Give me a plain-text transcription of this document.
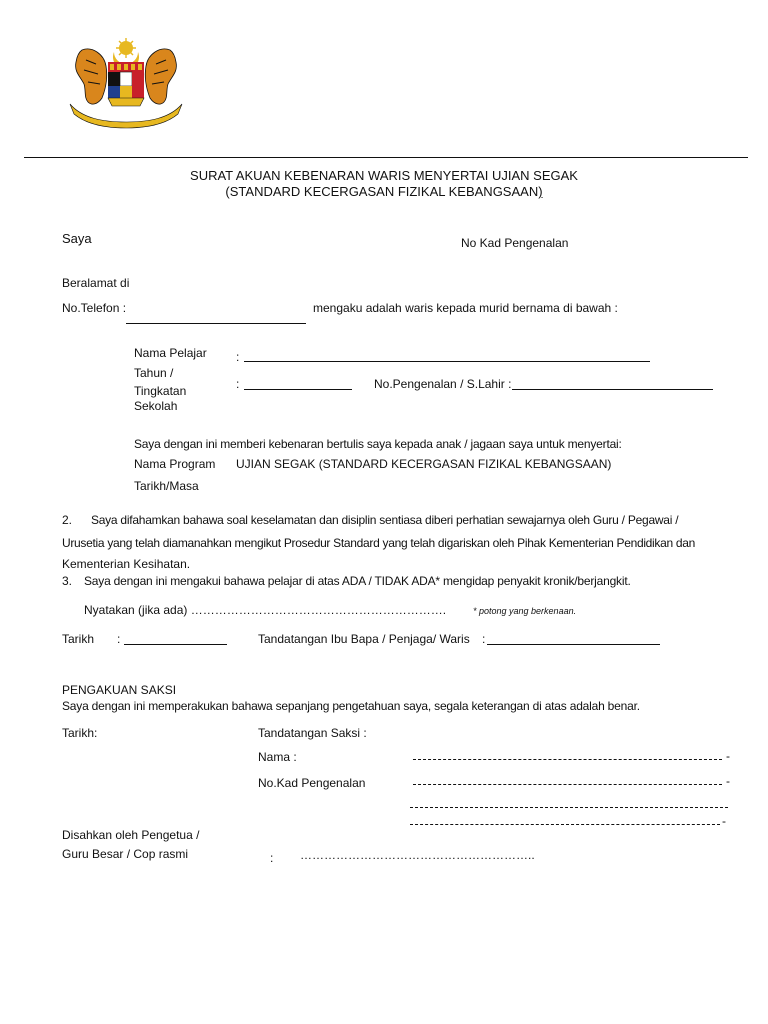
SURAT AKUAN KEBENARAN WARIS MENYERTAI UJIAN SEGAK
(STANDARD KECERGASAN FIZIKAL KEBANGSAAN)
Saya	No Kad Pengenalan
Beralamat di
No.Telefon :	mengaku adalah waris kepada murid bernama di bawah :
Nama Pelajar :
Tahun /
Tingkatan
Sekolah
:	No.Pengenalan / S.Lahir :
Saya dengan ini memberi kebenaran bertulis saya kepada anak / jagaan saya untuk menyertai:
Nama Program UJIAN SEGAK (STANDARD KECERGASAN FIZIKAL KEBANGSAAN)
Tarikh/Masa
2. Saya difahamkan bahawa soal keselamatan dan disiplin sentiasa diberi perhatian sewajarnya oleh Guru / Pegawai /
Urusetia yang telah diamanahkan mengikut Prosedur Standard yang telah digariskan oleh Pihak Kementerian Pendidikan dan
Kementerian Kesihatan.
3. Saya dengan ini mengakui bahawa pelajar di atas ADA / TIDAK ADA* mengidap penyakit kronik/berjangkit.
Nyatakan (jika ada) ……………………………………………………….	* potong yang berkenaan.
Tarikh :	Tandatangan Ibu Bapa / Penjaga/ Waris :
PENGAKUAN SAKSI
Saya dengan ini memperakukan bahawa sepanjang pengetahuan saya, segala keterangan di atas adalah benar.
Tarikh:	Tandatangan Saksi :
Nama :	-
No.Kad Pengenalan	-
-
Disahkan oleh Pengetua /
Guru Besar / Cop rasmi	: …………………………………………………..
